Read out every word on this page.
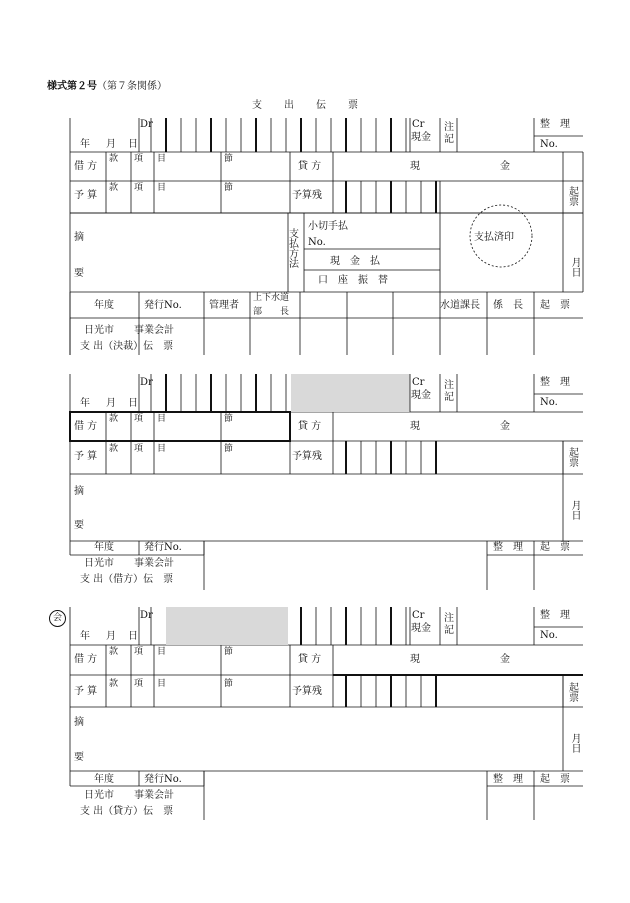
様式第２号（第７条関係）
支　出　伝　票
年 月 日
Dr	Cr
現金
注
記
整　理
No.
借 方
款 項 目	節
貸 方	現　　　　　　　　金
予 算
款 項 目	節
予算残	起票
摘
要
支払方法
小切手払
No.
現　金　払
口　座　振　替
支払済印
月日
年度	発行No.	管理者
上下水道
部　　長
水道課長 係　長 起　票
日光市　　事業会計
支 出（決裁）伝　票
年 月 日
Dr	Cr
現金
注
記
整　理
No.
借 方
款 項 目	節
貸 方	現　　　　　　　　金
予 算
款 項 目	節
予算残	起票
摘
要
月日
年度	発行No.	整　理 起　票
日光市　　事業会計
支 出（借方）伝　票
会
年 月 日
Dr	Cr
現金
注
記
整　理
No.
借 方
款 項 目	節
貸 方	現　　　　　　　　金
予 算
款 項 目	節
予算残	起票
摘
要
月日
年度	発行No.	整　理 起　票
日光市　　事業会計
支 出（貸方）伝　票
